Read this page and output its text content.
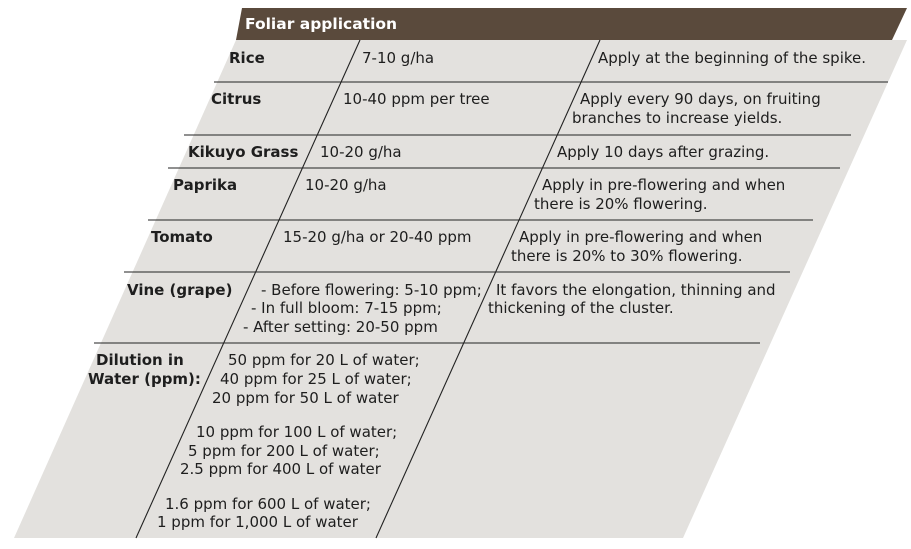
Foliar application
Rice	7-10 g/ha	Apply at the beginning of the spike.
Citrus	10-40 ppm per tree	Apply every 90 days, on fruiting
branches to increase yields.
Kikuyo Grass 10-20 g/ha	Apply 10 days after grazing.
Paprika	10-20 g/ha	Apply in pre-flowering and when
there is 20% flowering.
Tomato	15-20 g/ha or 20-40 ppm	Apply in pre-flowering and when
there is 20% to 30% flowering.
Vine (grape) - Before flowering: 5-10 ppm;
- In full bloom: 7-15 ppm;
- After setting: 20-50 ppm
It favors the elongation, thinning and
thickening of the cluster.
Dilution in
Water (ppm):
50 ppm for 20 L of water;
40 ppm for 25 L of water;
20 ppm for 50 L of water
10 ppm for 100 L of water;
5 ppm for 200 L of water;
2.5 ppm for 400 L of water
1.6 ppm for 600 L of water;
1 ppm for 1,000 L of water
